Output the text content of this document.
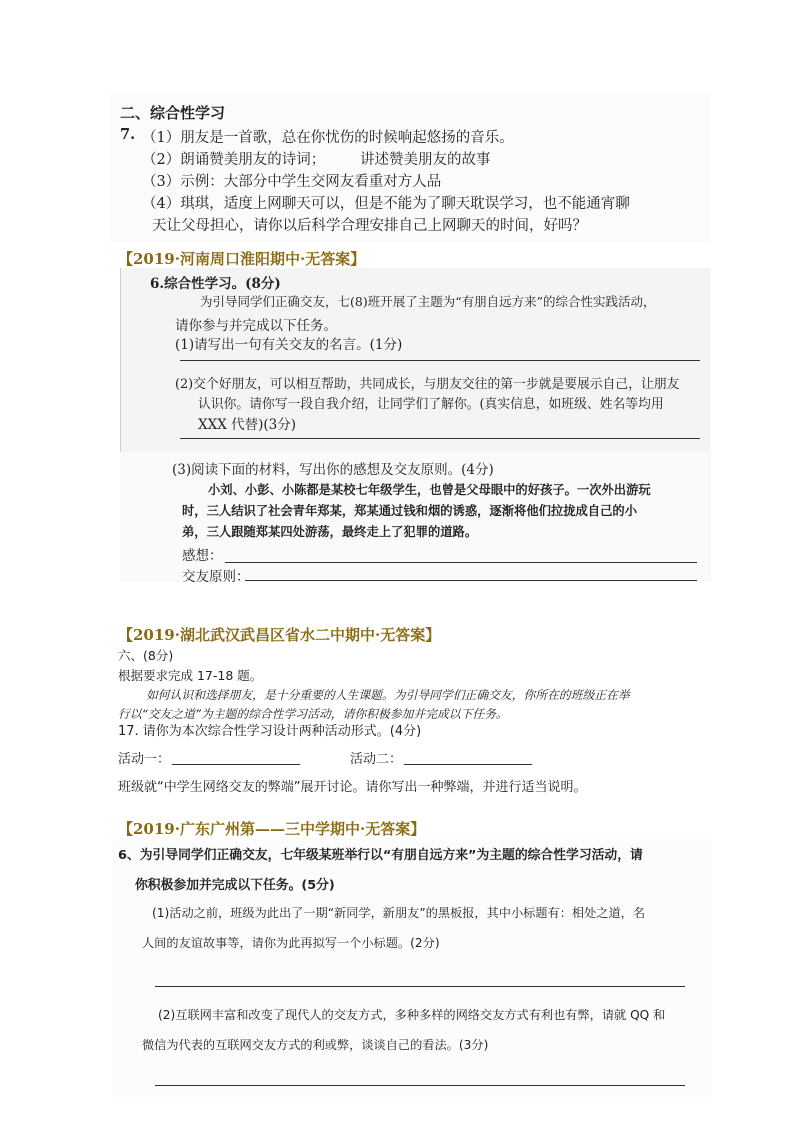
二、综合性学习
7. （1）朋友是一首歌，总在你忧伤的时候响起悠扬的音乐。
（2）朗诵赞美朋友的诗词； 讲述赞美朋友的故事
（3）示例：大部分中学生交网友看重对方人品
（4）琪琪，适度上网聊天可以，但是不能为了聊天耽误学习，也不能通宵聊
天让父母担心，请你以后科学合理安排自己上网聊天的时间，好吗？
【2019·河南周口淮阳期中·无答案】
6.综合性学习。(8分)
为引导同学们正确交友，七(8)班开展了主题为“有朋自远方来”的综合性实践活动，
请你参与并完成以下任务。
(1)请写出一句有关交友的名言。(1分)
(2)交个好朋友，可以相互帮助，共同成长，与朋友交往的第一步就是要展示自己，让朋友
认识你。请你写一段自我介绍，让同学们了解你。(真实信息，如班级、姓名等均用
XXX 代替)(3分)
(3)阅读下面的材料，写出你的感想及交友原则。(4分)
小刘、小彭、小陈都是某校七年级学生，也曾是父母眼中的好孩子。一次外出游玩
时，三人结识了社会青年郑某，郑某通过钱和烟的诱惑，逐渐将他们拉拢成自己的小
弟，三人跟随郑某四处游荡，最终走上了犯罪的道路。
感想：
交友原则：
【2019·湖北武汉武昌区省水二中期中·无答案】
六、(8分)
根据要求完成 17-18 题。
如何认识和选择朋友，是十分重要的人生课题。为引导同学们正确交友，你所在的班级正在举
行以“交友之道”为主题的综合性学习活动，请你积极参加并完成以下任务。
17. 请你为本次综合性学习设计两种活动形式。(4分)
活动一：	活动二：
班级就“中学生网络交友的弊端”展开讨论。请你写出一种弊端，并进行适当说明。
【2019·广东广州第——三中学期中·无答案】
6、为引导同学们正确交友，七年级某班举行以“有朋自远方来”为主题的综合性学习活动，请
你积极参加并完成以下任务。(5分)
(1)活动之前，班级为此出了一期“新同学，新朋友”的黑板报，其中小标题有：相处之道，名
人间的友谊故事等，请你为此再拟写一个小标题。(2分)
(2)互联网丰富和改变了现代人的交友方式，多种多样的网络交友方式有利也有弊，请就 QQ 和
微信为代表的互联网交友方式的利或弊，谈谈自己的看法。(3分)
